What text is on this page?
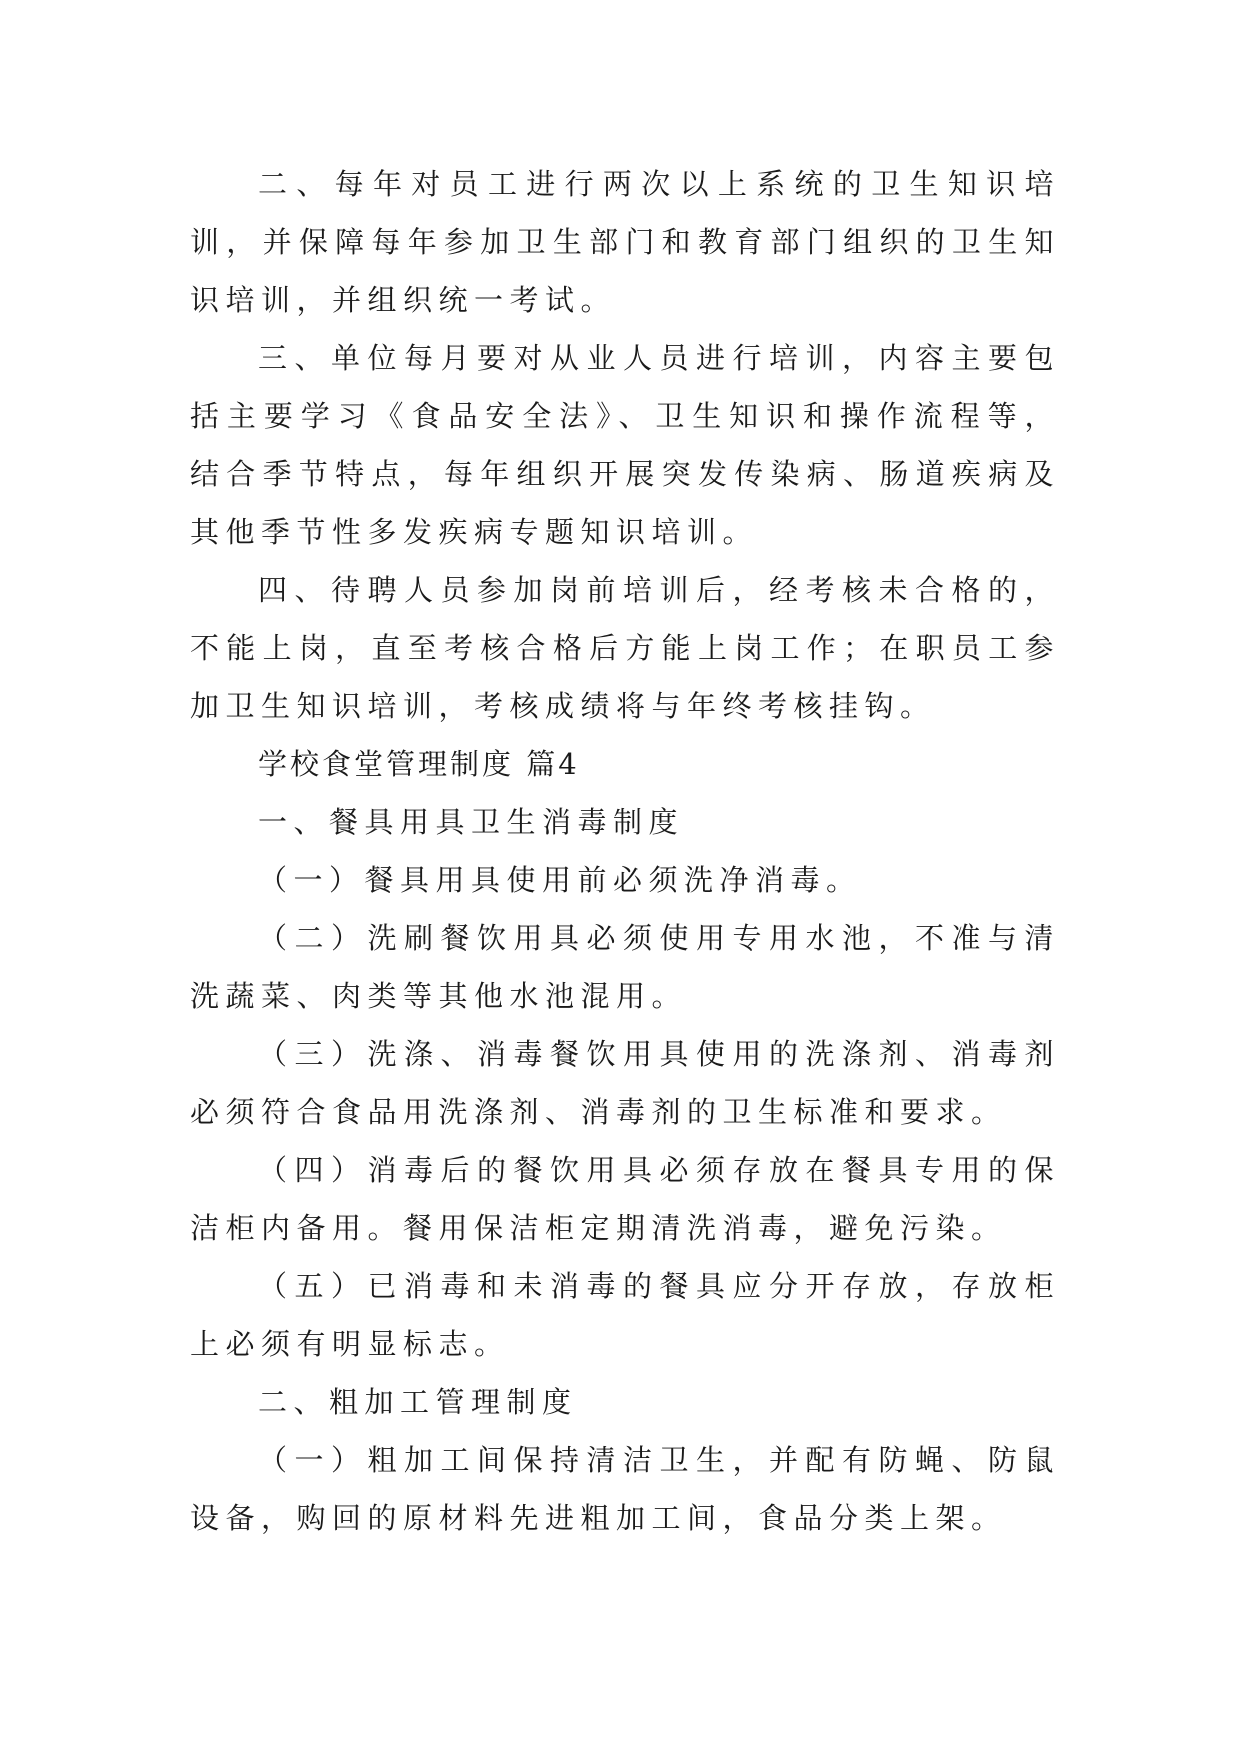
二、每年对员工进行两次以上系统的卫生知识培训，并保障每年参加卫生部门和教育部门组织的卫生知识培训，并组织统一考试。

三、单位每月要对从业人员进行培训，内容主要包括主要学习《食品安全法》、卫生知识和操作流程等，结合季节特点，每年组织开展突发传染病、肠道疾病及其他季节性多发疾病专题知识培训。

四、待聘人员参加岗前培训后，经考核未合格的，不能上岗，直至考核合格后方能上岗工作；在职员工参加卫生知识培训，考核成绩将与年终考核挂钩。

学校食堂管理制度 篇4

一、餐具用具卫生消毒制度

（一）餐具用具使用前必须洗净消毒。

（二）洗刷餐饮用具必须使用专用水池，不准与清洗蔬菜、肉类等其他水池混用。

（三）洗涤、消毒餐饮用具使用的洗涤剂、消毒剂必须符合食品用洗涤剂、消毒剂的卫生标准和要求。

（四）消毒后的餐饮用具必须存放在餐具专用的保洁柜内备用。餐用保洁柜定期清洗消毒，避免污染。

（五）已消毒和未消毒的餐具应分开存放，存放柜上必须有明显标志。

二、粗加工管理制度

（一）粗加工间保持清洁卫生，并配有防蝇、防鼠设备，购回的原材料先进粗加工间，食品分类上架。
